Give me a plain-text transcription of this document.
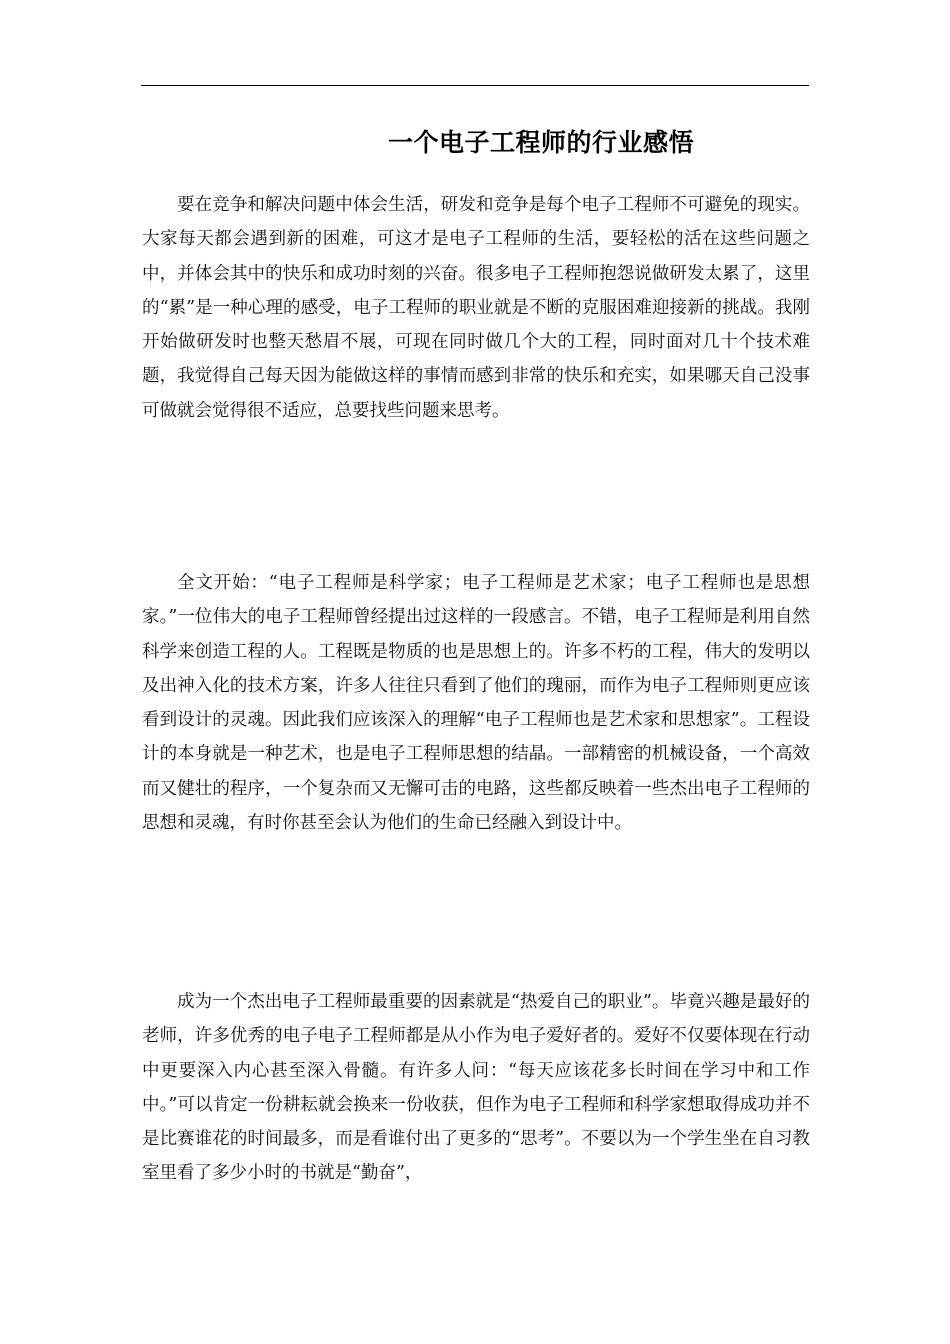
一个电子工程师的行业感悟

要在竞争和解决问题中体会生活，研发和竞争是每个电子工程师不可避免的现实。大家每天都会遇到新的困难，可这才是电子工程师的生活，要轻松的活在这些问题之中，并体会其中的快乐和成功时刻的兴奋。很多电子工程师抱怨说做研发太累了，这里的“累”是一种心理的感受，电子工程师的职业就是不断的克服困难迎接新的挑战。我刚开始做研发时也整天愁眉不展，可现在同时做几个大的工程，同时面对几十个技术难题，我觉得自己每天因为能做这样的事情而感到非常的快乐和充实，如果哪天自己没事可做就会觉得很不适应，总要找些问题来思考。

全文开始：“电子工程师是科学家；电子工程师是艺术家；电子工程师也是思想家。”一位伟大的电子工程师曾经提出过这样的一段感言。不错，电子工程师是利用自然科学来创造工程的人。工程既是物质的也是思想上的。许多不朽的工程，伟大的发明以及出神入化的技术方案，许多人往往只看到了他们的瑰丽，而作为电子工程师则更应该看到设计的灵魂。因此我们应该深入的理解“电子工程师也是艺术家和思想家”。工程设计的本身就是一种艺术，也是电子工程师思想的结晶。一部精密的机械设备，一个高效而又健壮的程序，一个复杂而又无懈可击的电路，这些都反映着一些杰出电子工程师的思想和灵魂，有时你甚至会认为他们的生命已经融入到设计中。

成为一个杰出电子工程师最重要的因素就是“热爱自己的职业”。毕竟兴趣是最好的老师，许多优秀的电子电子工程师都是从小作为电子爱好者的。爱好不仅要体现在行动中更要深入内心甚至深入骨髓。有许多人问：“每天应该花多长时间在学习中和工作中。”可以肯定一份耕耘就会换来一份收获，但作为电子工程师和科学家想取得成功并不是比赛谁花的时间最多，而是看谁付出了更多的“思考”。不要以为一个学生坐在自习教室里看了多少小时的书就是“勤奋”，
